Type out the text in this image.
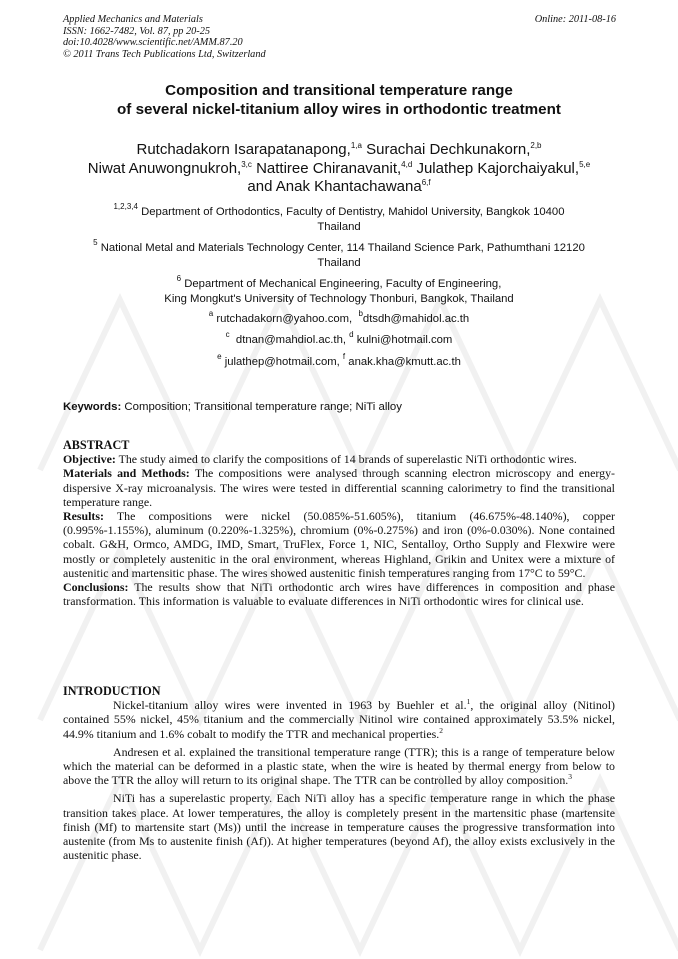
Applied Mechanics and Materials
ISSN: 1662-7482, Vol. 87, pp 20-25
doi:10.4028/www.scientific.net/AMM.87.20
© 2011 Trans Tech Publications Ltd, Switzerland
Online: 2011-08-16
Composition and transitional temperature range
of several nickel-titanium alloy wires in orthodontic treatment
Rutchadakorn Isarapatanapong,$^{1,a}$ Surachai Dechkunakorn,$^{2,b}$
Niwat Anuwongnukroh,$^{3,c}$ Nattiree Chiranavanit,$^{4,d}$ Julathep Kajorchaiyakul,$^{5,e}$
and Anak Khantachawana$^{6,f}$
$^{1,2,3,4}$ Department of Orthodontics, Faculty of Dentistry, Mahidol University, Bangkok 10400
Thailand
$^5$ National Metal and Materials Technology Center, 114 Thailand Science Park, Pathumthani 12120
Thailand
$^6$ Department of Mechanical Engineering, Faculty of Engineering,
King Mongkut's University of Technology Thonburi, Bangkok, Thailand
$^a$ rutchadakorn@yahoo.com, $^b$dtsdh@mahidol.ac.th
$^c$ dtnan@mahdiol.ac.th, $^d$ kulni@hotmail.com
$^e$ julathep@hotmail.com, $^f$ anak.kha@kmutt.ac.th
Keywords: Composition; Transitional temperature range; NiTi alloy

ABSTRACT

Objective: The study aimed to clarify the compositions of 14 brands of superelastic NiTi orthodontic wires.

Materials and Methods: The compositions were analysed through scanning electron microscopy and energy-dispersive X-ray microanalysis. The wires were tested in differential scanning calorimetry to find the transitional temperature range.

Results: The compositions were nickel (50.085%-51.605%), titanium (46.675%-48.140%), copper (0.995%-1.155%), aluminum (0.220%-1.325%), chromium (0%-0.275%) and iron (0%-0.030%). None contained cobalt. G&H, Ormco, AMDG, IMD, Smart, TruFlex, Force 1, NIC, Sentalloy, Ortho Supply and Flexwire were mostly or completely austenitic in the oral environment, whereas Highland, Grikin and Unitex were a mixture of austenitic and martensitic phase. The wires showed austenitic finish temperatures ranging from 17°C to 59°C.

Conclusions: The results show that NiTi orthodontic arch wires have differences in composition and phase transformation. This information is valuable to evaluate differences in NiTi orthodontic wires for clinical use.

INTRODUCTION

Nickel-titanium alloy wires were invented in 1963 by Buehler et al.$^1$, the original alloy (Nitinol) contained 55% nickel, 45% titanium and the commercially Nitinol wire contained approximately 53.5% nickel, 44.9% titanium and 1.6% cobalt to modify the TTR and mechanical properties.$^2$

Andresen et al. explained the transitional temperature range (TTR); this is a range of temperature below which the material can be deformed in a plastic state, when the wire is heated by thermal energy from below to above the TTR the alloy will return to its original shape. The TTR can be controlled by alloy composition.$^3$

NiTi has a superelastic property. Each NiTi alloy has a specific temperature range in which the phase transition takes place. At lower temperatures, the alloy is completely present in the martensitic phase (martensite finish (Mf) to martensite start (Ms)) until the increase in temperature causes the progressive transformation into austenite (from Ms to austenite finish (Af)). At higher temperatures (beyond Af), the alloy exists exclusively in the austenitic phase.
